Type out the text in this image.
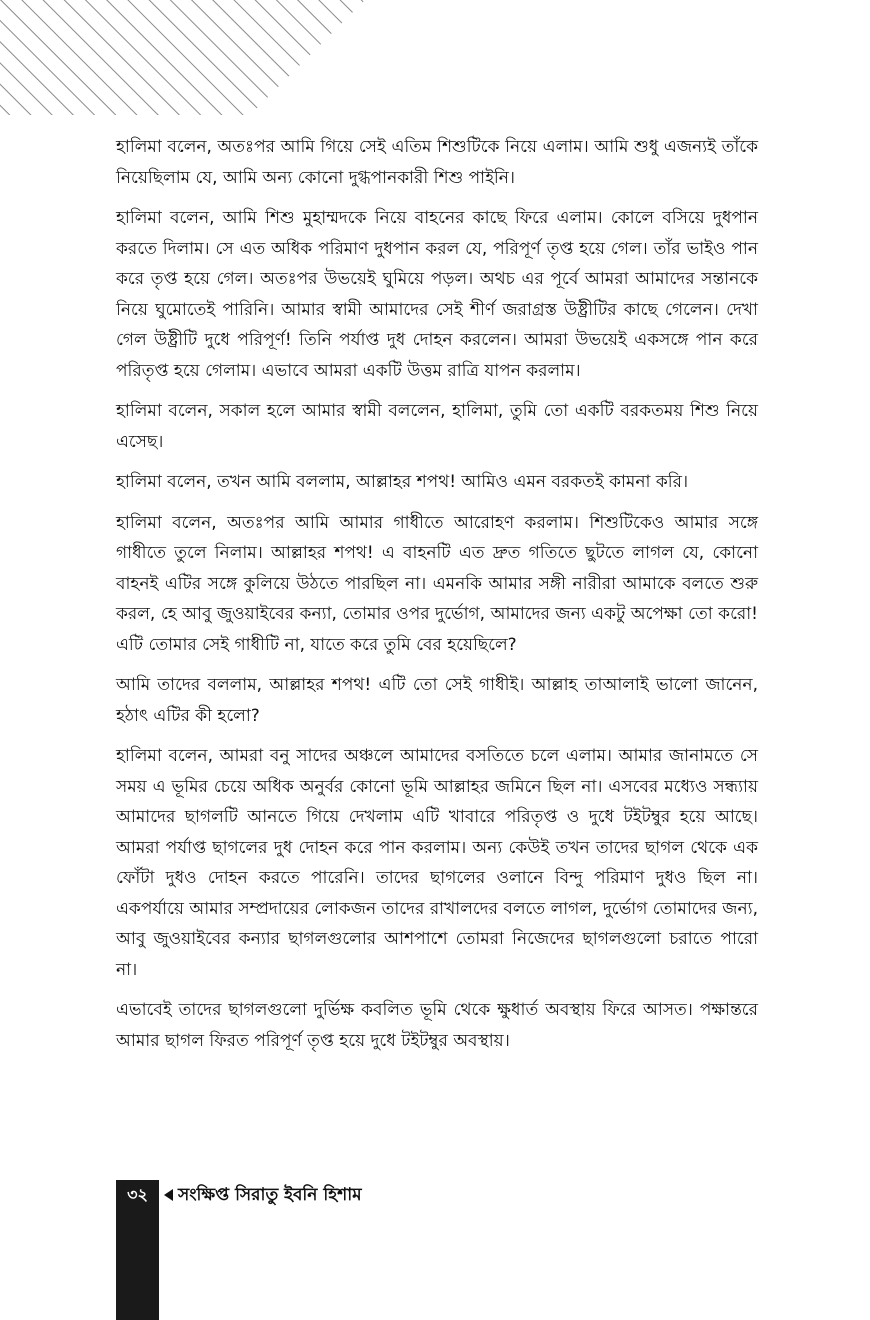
হালিমা বলেন, অতঃপর আমি গিয়ে সেই এতিম শিশুটিকে নিয়ে এলাম। আমি শুধু এজন্যই তাঁকে নিয়েছিলাম যে, আমি অন্য কোনো দুগ্ধপানকারী শিশু পাইনি।

হালিমা বলেন, আমি শিশু মুহাম্মদকে নিয়ে বাহনের কাছে ফিরে এলাম। কোলে বসিয়ে দুধপান করতে দিলাম। সে এত অধিক পরিমাণ দুধপান করল যে, পরিপূর্ণ তৃপ্ত হয়ে গেল। তাঁর ভাইও পান করে তৃপ্ত হয়ে গেল। অতঃপর উভয়েই ঘুমিয়ে পড়ল। অথচ এর পূর্বে আমরা আমাদের সন্তানকে নিয়ে ঘুমোতেই পারিনি। আমার স্বামী আমাদের সেই শীর্ণ জরাগ্রস্ত উষ্ট্রীটির কাছে গেলেন। দেখা গেল উষ্ট্রীটি দুধে পরিপূর্ণ! তিনি পর্যাপ্ত দুধ দোহন করলেন। আমরা উভয়েই একসঙ্গে পান করে পরিতৃপ্ত হয়ে গেলাম। এভাবে আমরা একটি উত্তম রাত্রি যাপন করলাম।

হালিমা বলেন, সকাল হলে আমার স্বামী বললেন, হালিমা, তুমি তো একটি বরকতময় শিশু নিয়ে এসেছ।

হালিমা বলেন, তখন আমি বললাম, আল্লাহর শপথ! আমিও এমন বরকতই কামনা করি।

হালিমা বলেন, অতঃপর আমি আমার গাধীতে আরোহণ করলাম। শিশুটিকেও আমার সঙ্গে গাধীতে তুলে নিলাম। আল্লাহর শপথ! এ বাহনটি এত দ্রুত গতিতে ছুটতে লাগল যে, কোনো বাহনই এটির সঙ্গে কুলিয়ে উঠতে পারছিল না। এমনকি আমার সঙ্গী নারীরা আমাকে বলতে শুরু করল, হে আবু জুওয়াইবের কন্যা, তোমার ওপর দুর্ভোগ, আমাদের জন্য একটু অপেক্ষা তো করো! এটি তোমার সেই গাধীটি না, যাতে করে তুমি বের হয়েছিলে?

আমি তাদের বললাম, আল্লাহর শপথ! এটি তো সেই গাধীই। আল্লাহ তাআলাই ভালো জানেন, হঠাৎ এটির কী হলো?

হালিমা বলেন, আমরা বনু সাদের অঞ্চলে আমাদের বসতিতে চলে এলাম। আমার জানামতে সে সময় এ ভূমির চেয়ে অধিক অনুর্বর কোনো ভূমি আল্লাহর জমিনে ছিল না। এসবের মধ্যেও সন্ধ্যায় আমাদের ছাগলটি আনতে গিয়ে দেখলাম এটি খাবারে পরিতৃপ্ত ও দুধে টইটম্বুর হয়ে আছে। আমরা পর্যাপ্ত ছাগলের দুধ দোহন করে পান করলাম। অন্য কেউই তখন তাদের ছাগল থেকে এক ফোঁটা দুধও দোহন করতে পারেনি। তাদের ছাগলের ওলানে বিন্দু পরিমাণ দুধও ছিল না। একপর্যায়ে আমার সম্প্রদায়ের লোকজন তাদের রাখালদের বলতে লাগল, দুর্ভোগ তোমাদের জন্য, আবু জুওয়াইবের কন্যার ছাগলগুলোর আশপাশে তোমরা নিজেদের ছাগলগুলো চরাতে পারো না।

এভাবেই তাদের ছাগলগুলো দুর্ভিক্ষ কবলিত ভূমি থেকে ক্ষুধার্ত অবস্থায় ফিরে আসত। পক্ষান্তরে আমার ছাগল ফিরত পরিপূর্ণ তৃপ্ত হয়ে দুধে টইটম্বুর অবস্থায়।

৩২	সংক্ষিপ্ত সিরাতু ইবনি হিশাম
